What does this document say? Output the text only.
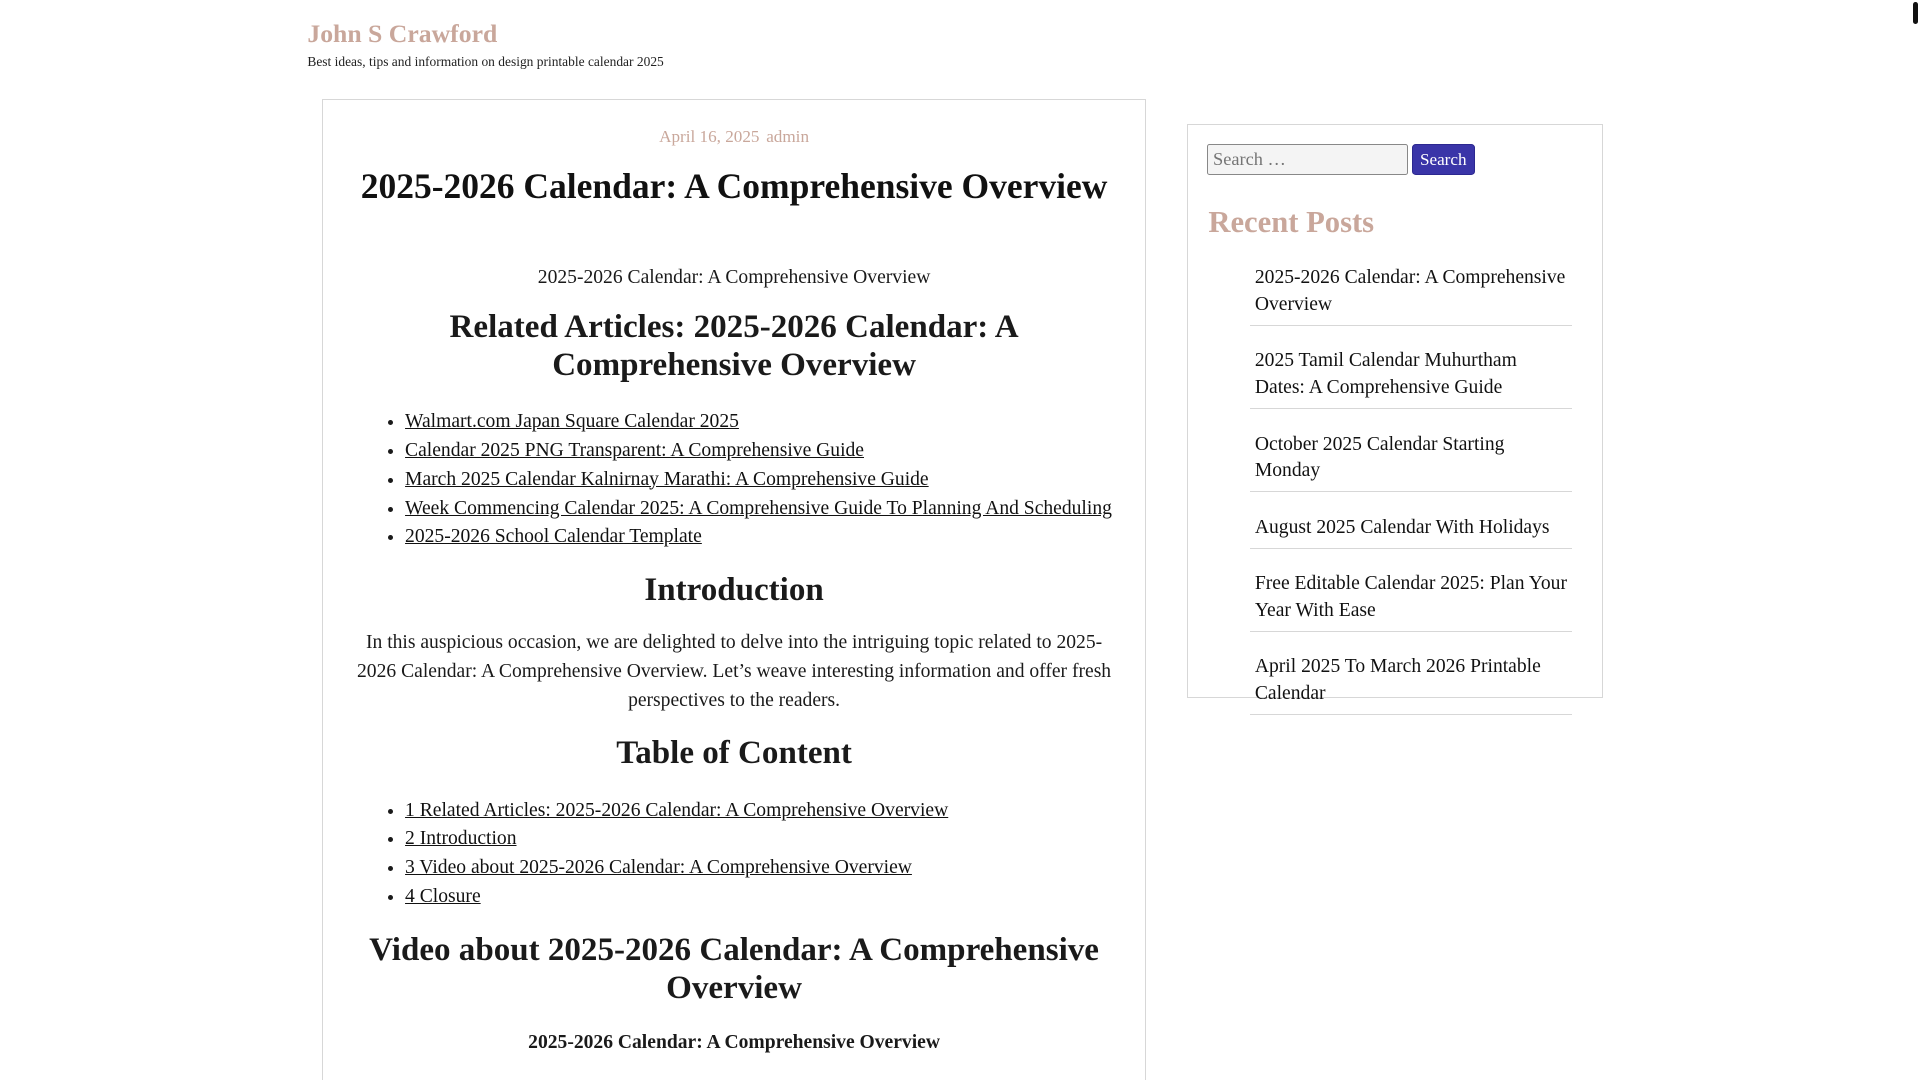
John S Crawford
Best ideas, tips and information on design printable calendar 2025
April 16, 2025 admin
2025-2026 Calendar: A Comprehensive Overview
2025-2026 Calendar: A Comprehensive Overview
Related Articles: 2025-2026 Calendar: A Comprehensive Overview
• Walmart.com Japan Square Calendar 2025
• Calendar 2025 PNG Transparent: A Comprehensive Guide
• March 2025 Calendar Kalnirnay Marathi: A Comprehensive Guide
• Week Commencing Calendar 2025: A Comprehensive Guide To Planning And Scheduling
• 2025-2026 School Calendar Template
Introduction

In this auspicious occasion, we are delighted to delve into the intriguing topic related to 2025-2026 Calendar: A Comprehensive Overview. Let’s weave interesting information and offer fresh perspectives to the readers.

Table of Content
• 1 Related Articles: 2025-2026 Calendar: A Comprehensive Overview
• 2 Introduction
• 3 Video about 2025-2026 Calendar: A Comprehensive Overview
• 4 Closure
Video about 2025-2026 Calendar: A Comprehensive Overview
2025-2026 Calendar: A Comprehensive Overview
Search …
Search
Recent Posts
2025-2026 Calendar: A Comprehensive Overview
2025 Tamil Calendar Muhurtham Dates: A Comprehensive Guide
October 2025 Calendar Starting Monday
August 2025 Calendar With Holidays
Free Editable Calendar 2025: Plan Your Year With Ease
April 2025 To March 2026 Printable Calendar
